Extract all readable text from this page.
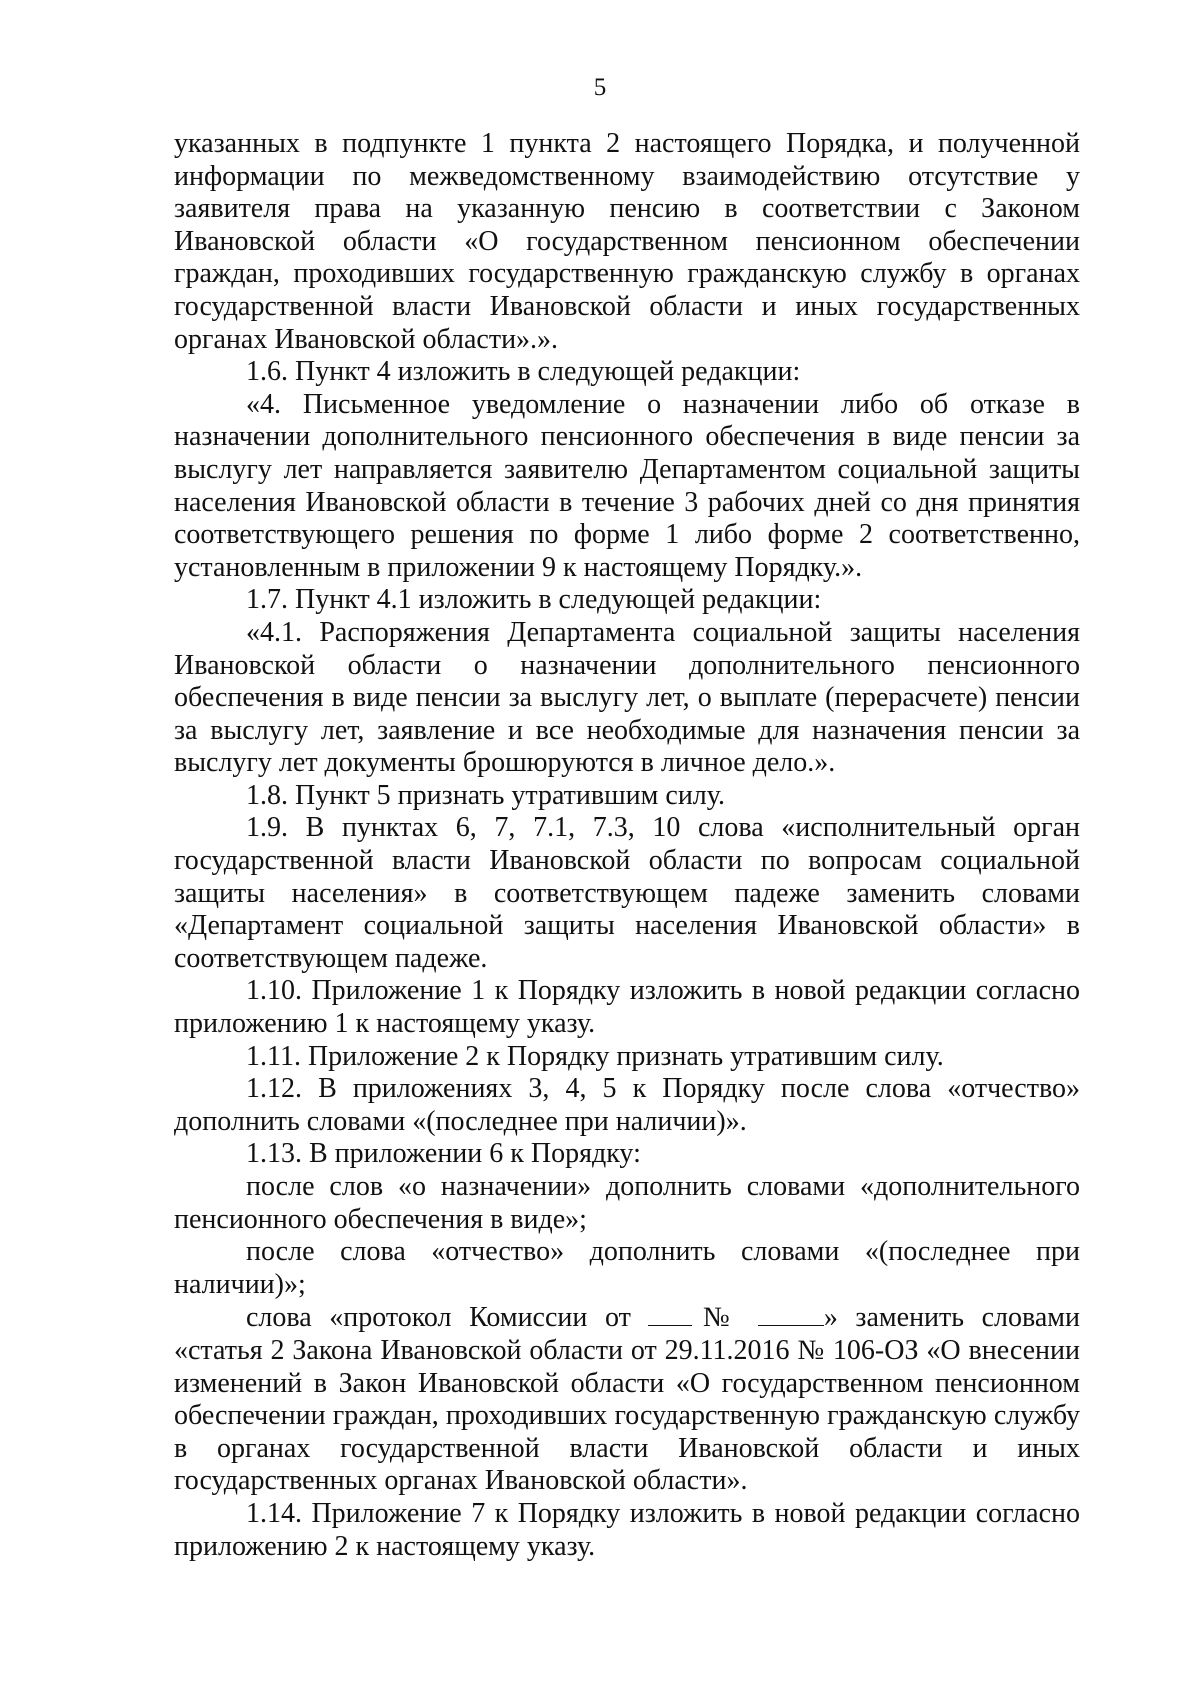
5

указанных в подпункте 1 пункта 2 настоящего Порядка, и полученной информации по межведомственному взаимодействию отсутствие у заявителя права на указанную пенсию в соответствии с Законом Ивановской области «О государственном пенсионном обеспечении граждан, проходивших государственную гражданскую службу в органах государственной власти Ивановской области и иных государственных органах Ивановской области».».

1.6. Пункт 4 изложить в следующей редакции:

«4. Письменное уведомление о назначении либо об отказе в назначении дополнительного пенсионного обеспечения в виде пенсии за выслугу лет направляется заявителю Департаментом социальной защиты населения Ивановской области в течение 3 рабочих дней со дня принятия соответствующего решения по форме 1 либо форме 2 соответственно, установленным в приложении 9 к настоящему Порядку.».

1.7. Пункт 4.1 изложить в следующей редакции:

«4.1. Распоряжения Департамента социальной защиты населения Ивановской области о назначении дополнительного пенсионного обеспечения в виде пенсии за выслугу лет, о выплате (перерасчете) пенсии за выслугу лет, заявление и все необходимые для назначения пенсии за выслугу лет документы брошюруются в личное дело.».

1.8. Пункт 5 признать утратившим силу.

1.9. В пунктах 6, 7, 7.1, 7.3, 10 слова «исполнительный орган государственной власти Ивановской области по вопросам социальной защиты населения» в соответствующем падеже заменить словами «Департамент социальной защиты населения Ивановской области» в соответствующем падеже.

1.10. Приложение 1 к Порядку изложить в новой редакции согласно приложению 1 к настоящему указу.

1.11. Приложение 2 к Порядку признать утратившим силу.

1.12. В приложениях 3, 4, 5 к Порядку после слова «отчество» дополнить словами «(последнее при наличии)».

1.13. В приложении 6 к Порядку:

после слов «о назначении» дополнить словами «дополнительного пенсионного обеспечения в виде»;

после слова «отчество» дополнить словами «(последнее при наличии)»;

слова «протокол Комиссии от № » заменить словами «статья 2 Закона Ивановской области от 29.11.2016 № 106-ОЗ «О внесении изменений в Закон Ивановской области «О государственном пенсионном обеспечении граждан, проходивших государственную гражданскую службу в органах государственной власти Ивановской области и иных государственных органах Ивановской области».

1.14. Приложение 7 к Порядку изложить в новой редакции согласно приложению 2 к настоящему указу.
